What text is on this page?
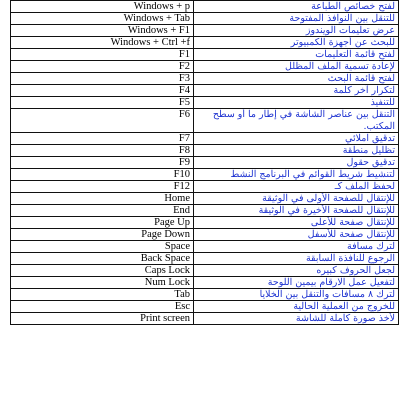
Windows + p	لفتح خصائص الطباعة
Windows + Tab	للتنقل بين النوافذ المفتوحة
Windows + F1	عرض تعليمات الويندوز
Windows + Ctrl +f	للبحث عن أجهزة الكمبيوتر
F1	لفتح قائمة التعليمات
F2	لإعادة تسمية الملف المظلل
F3	لفتح قائمة البحث
F4	لتكرار آخر كلمة
F5	للتنفيذ
F6	التنقل بين عناصر الشاشة في إطار ما أو سطح المكتب.
F7	تدقيق املائي
F8	تظليل منطقة
F9	تدقيق حقول
F10	لتنشيط شريط القوائم في البرنامج النشط
F12	لحفظ الملف كـ
Home	للإنتقال للصفحة الأولى في الوثيقة
End	للإنتقال للصفحة الأخيرة في الوثيقة
Page Up	للإنتقال صفحة للأعلى
Page Down	للإنتقال صفحة للأسفل
Space	لترك مسافة
Back Space	الرجوع للنافذة السابقة
Caps Lock	لجعل الحروف كبيره
Num Lock	لتفعيل عمل الارقام بيمين اللوحة
Tab	لترك ٨ مسافات والتنقل بين الخلايا
Esc	للخروج من العملية الحالية
Print screen	لأخذ صورة كاملة للشاشة
